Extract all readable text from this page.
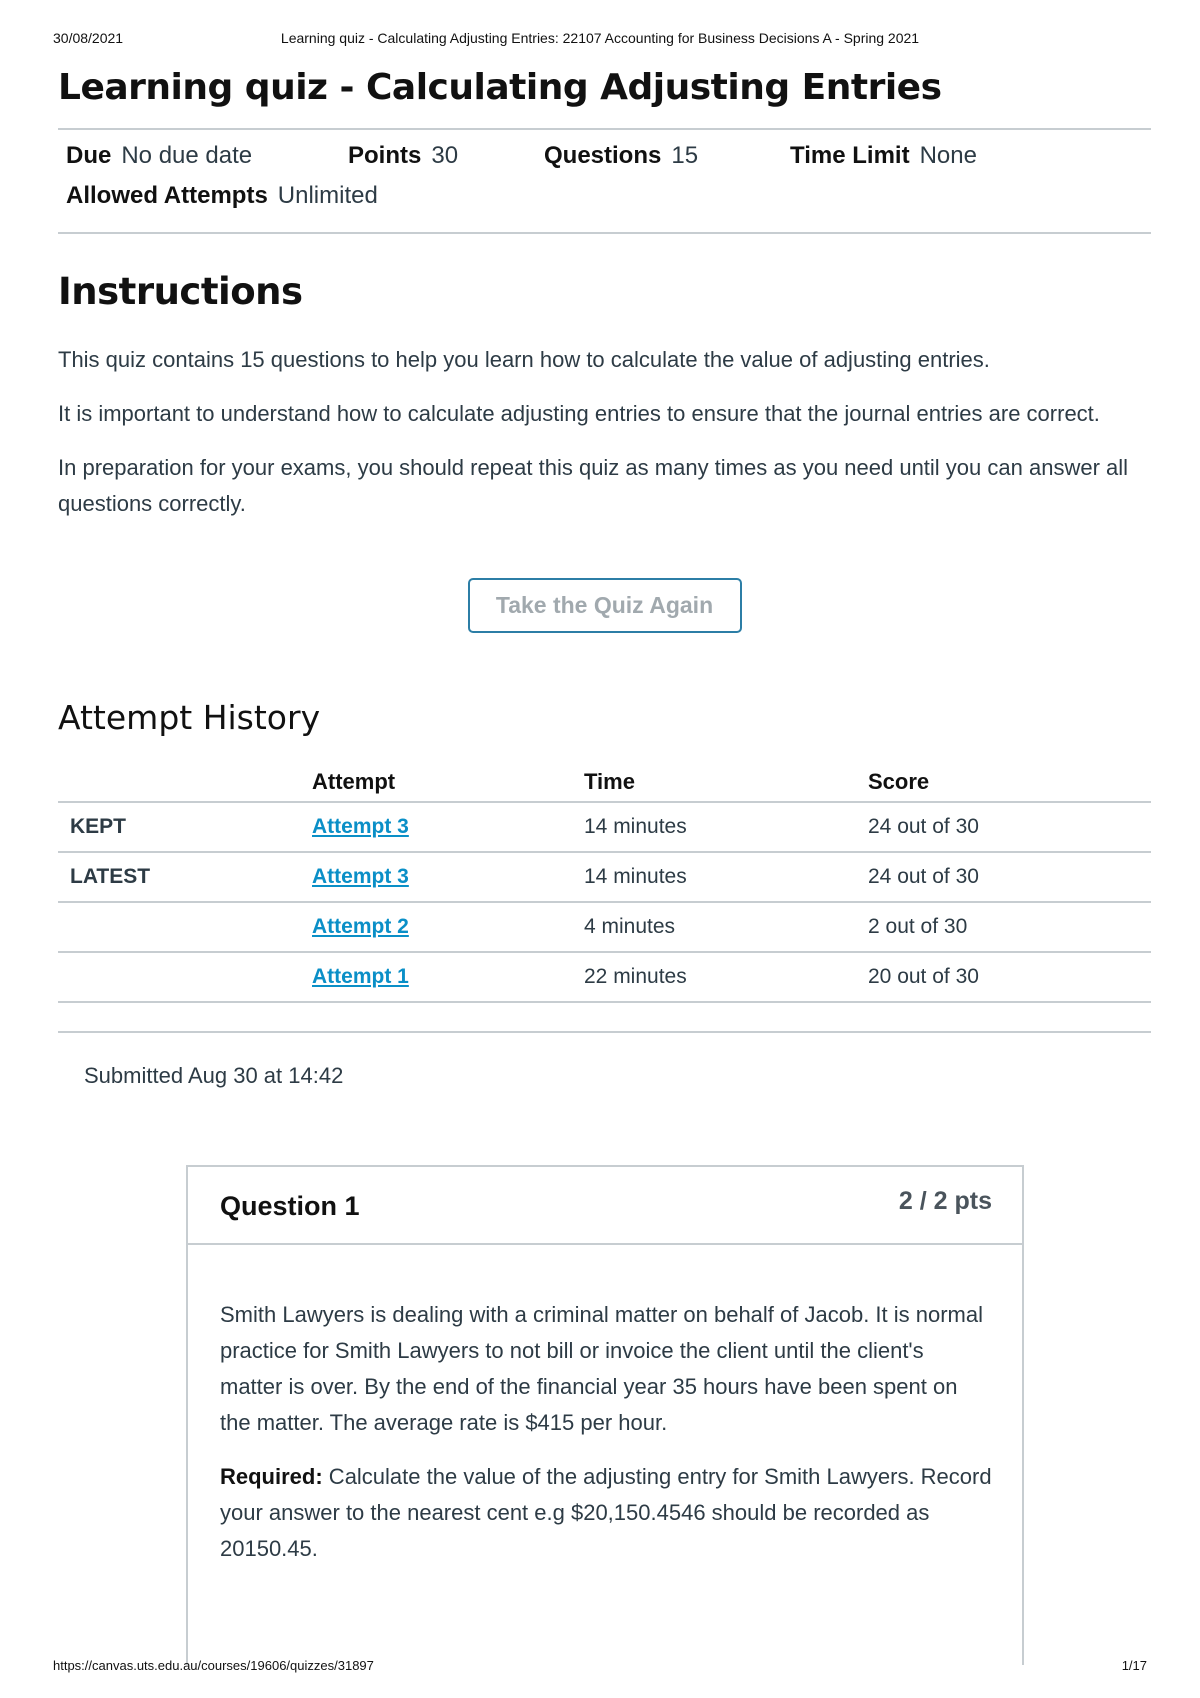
30/08/2021	Learning quiz - Calculating Adjusting Entries: 22107 Accounting for Business Decisions A - Spring 2021
Learning quiz - Calculating Adjusting Entries
Due No due date	Points 30	Questions 15	Time Limit None
Allowed Attempts Unlimited
Instructions

This quiz contains 15 questions to help you learn how to calculate the value of adjusting entries.

It is important to understand how to calculate adjusting entries to ensure that the journal entries are correct.

In preparation for your exams, you should repeat this quiz as many times as you need until you can answer all questions correctly.

Take the Quiz Again
Attempt History
	Attempt	Time	Score
KEPT	Attempt 3	14 minutes	24 out of 30
LATEST	Attempt 3	14 minutes	24 out of 30
	Attempt 2	4 minutes	2 out of 30
	Attempt 1	22 minutes	20 out of 30
Submitted Aug 30 at 14:42
Question 1	2 / 2 pts

Smith Lawyers is dealing with a criminal matter on behalf of Jacob. It is normal practice for Smith Lawyers to not bill or invoice the client until the client's matter is over. By the end of the financial year 35 hours have been spent on the matter. The average rate is $415 per hour.

Required: Calculate the value of the adjusting entry for Smith Lawyers. Record your answer to the nearest cent e.g $20,150.4546 should be recorded as 20150.45.

https://canvas.uts.edu.au/courses/19606/quizzes/31897	1/17
